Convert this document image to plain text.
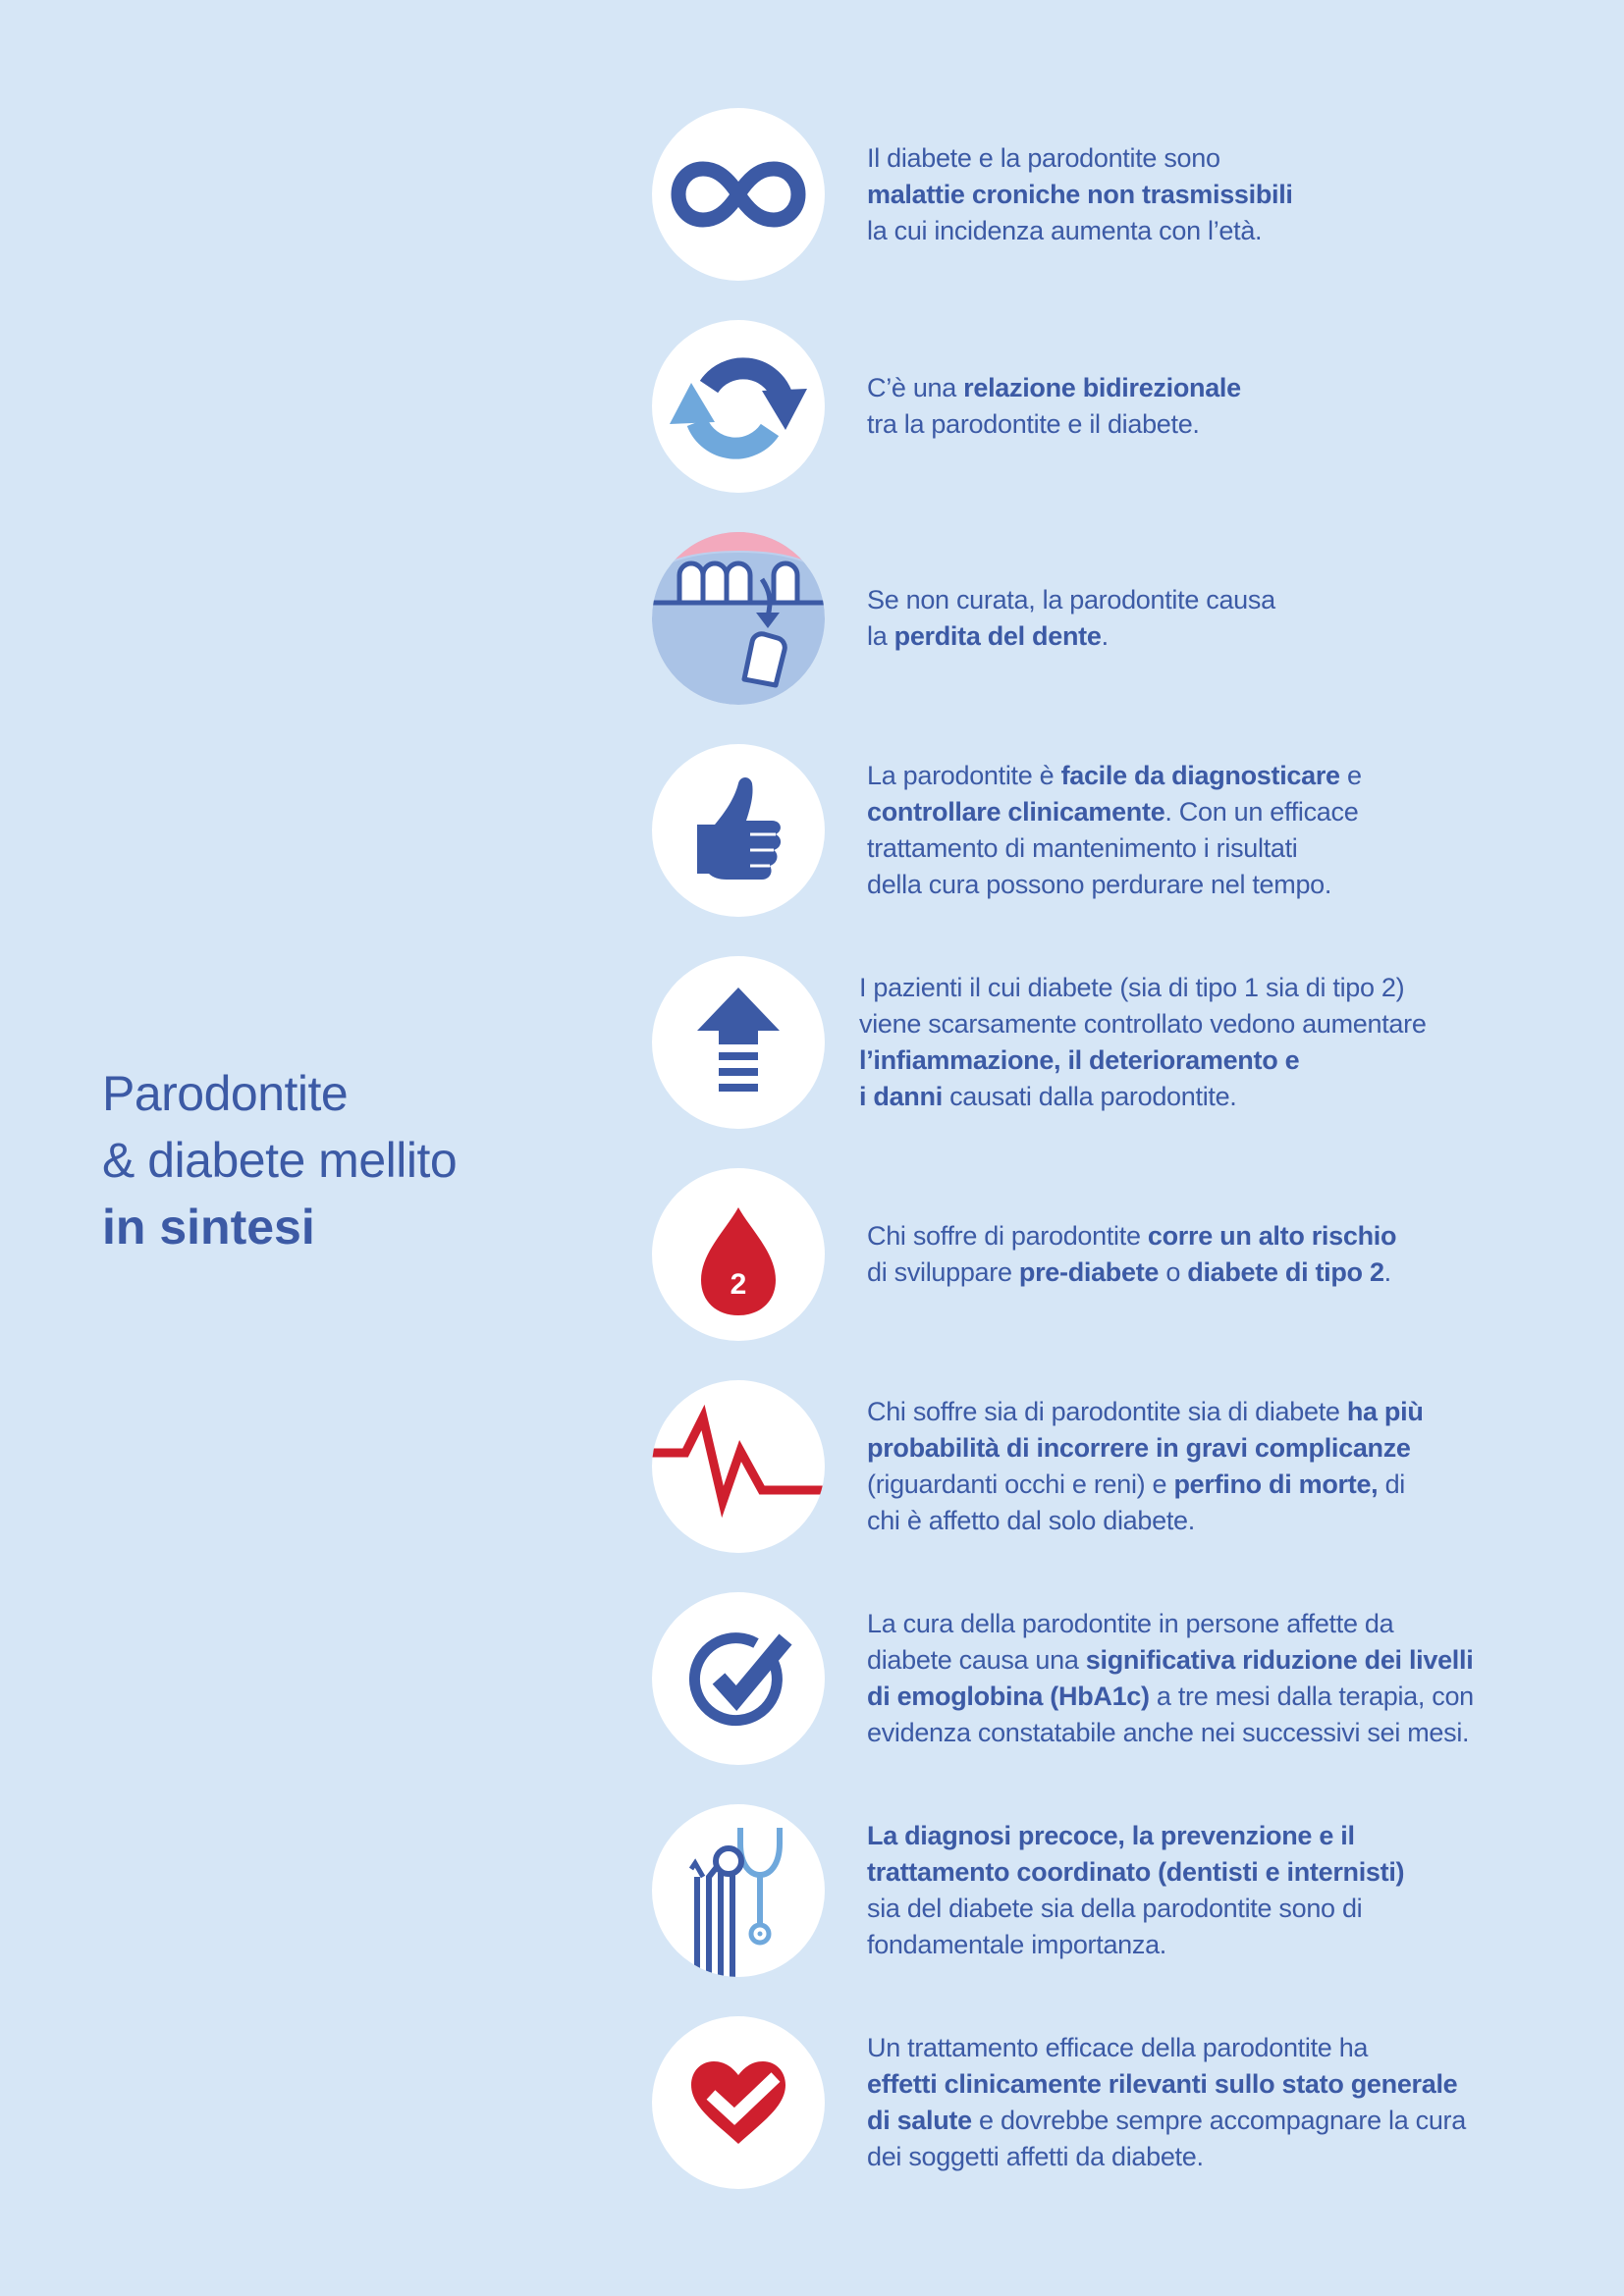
Parodontite
& diabete mellito
in sintesi

Il diabete e la parodontite sono
malattie croniche non trasmissibili
la cui incidenza aumenta con l’età.

C’è una relazione bidirezionale
tra la parodontite e il diabete.

Se non curata, la parodontite causa
la perdita del dente.

La parodontite è facile da diagnosticare e
controllare clinicamente. Con un efficace
trattamento di mantenimento i risultati
della cura possono perdurare nel tempo.

I pazienti il cui diabete (sia di tipo 1 sia di tipo 2)
viene scarsamente controllato vedono aumentare
l’infiammazione, il deterioramento e
i danni causati dalla parodontite.

2

Chi soffre di parodontite corre un alto rischio
di sviluppare pre-diabete o diabete di tipo 2.

Chi soffre sia di parodontite sia di diabete ha più
probabilità di incorrere in gravi complicanze
(riguardanti occhi e reni) e perfino di morte, di
chi è affetto dal solo diabete.

La cura della parodontite in persone affette da
diabete causa una significativa riduzione dei livelli
di emoglobina (HbA1c) a tre mesi dalla terapia, con
evidenza constatabile anche nei successivi sei mesi.

La diagnosi precoce, la prevenzione e il
trattamento coordinato (dentisti e internisti)
sia del diabete sia della parodontite sono di
fondamentale importanza.

Un trattamento efficace della parodontite ha
effetti clinicamente rilevanti sullo stato generale
di salute e dovrebbe sempre accompagnare la cura
dei soggetti affetti da diabete.
